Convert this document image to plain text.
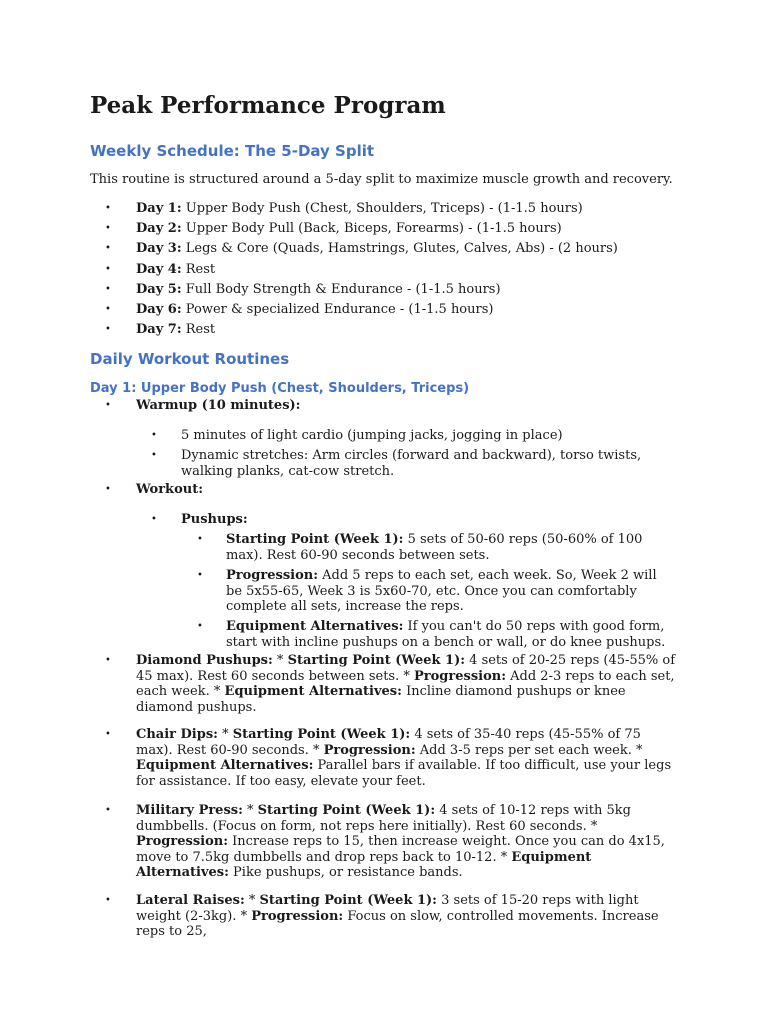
Peak Performance Program
Weekly Schedule: The 5-Day Split

This routine is structured around a 5-day split to maximize muscle growth and recovery.

• Day 1: Upper Body Push (Chest, Shoulders, Triceps) - (1-1.5 hours)

• Day 2: Upper Body Pull (Back, Biceps, Forearms) - (1-1.5 hours)

• Day 3: Legs & Core (Quads, Hamstrings, Glutes, Calves, Abs) - (2 hours)

• Day 4: Rest

• Day 5: Full Body Strength & Endurance - (1-1.5 hours)

• Day 6: Power & specialized Endurance - (1-1.5 hours)

• Day 7: Rest

Daily Workout Routines
Day 1: Upper Body Push (Chest, Shoulders, Triceps)
• Warmup (10 minutes):

• 5 minutes of light cardio (jumping jacks, jogging in place)

• Dynamic stretches: Arm circles (forward and backward), torso twists, walking planks, cat-cow stretch.

• Workout:

• Pushups:

• Starting Point (Week 1): 5 sets of 50-60 reps (50-60% of 100 max). Rest 60-90 seconds between sets.

• Progression: Add 5 reps to each set, each week. So, Week 2 will be 5x55-65, Week 3 is 5x60-70, etc. Once you can comfortably complete all sets, increase the reps.

• Equipment Alternatives: If you can't do 50 reps with good form, start with incline pushups on a bench or wall, or do knee pushups.

• Diamond Pushups: * Starting Point (Week 1): 4 sets of 20-25 reps (45-55% of 45 max). Rest 60 seconds between sets. * Progression: Add 2-3 reps to each set, each week. * Equipment Alternatives: Incline diamond pushups or knee diamond pushups.

• Chair Dips: * Starting Point (Week 1): 4 sets of 35-40 reps (45-55% of 75 max). Rest 60-90 seconds. * Progression: Add 3-5 reps per set each week. * Equipment Alternatives: Parallel bars if available. If too difficult, use your legs for assistance. If too easy, elevate your feet.

• Military Press: * Starting Point (Week 1): 4 sets of 10-12 reps with 5kg dumbbells. (Focus on form, not reps here initially). Rest 60 seconds. * Progression: Increase reps to 15, then increase weight. Once you can do 4x15, move to 7.5kg dumbbells and drop reps back to 10-12. * Equipment Alternatives: Pike pushups, or resistance bands.

• Lateral Raises: * Starting Point (Week 1): 3 sets of 15-20 reps with light weight (2-3kg). * Progression: Focus on slow, controlled movements. Increase reps to 25,
